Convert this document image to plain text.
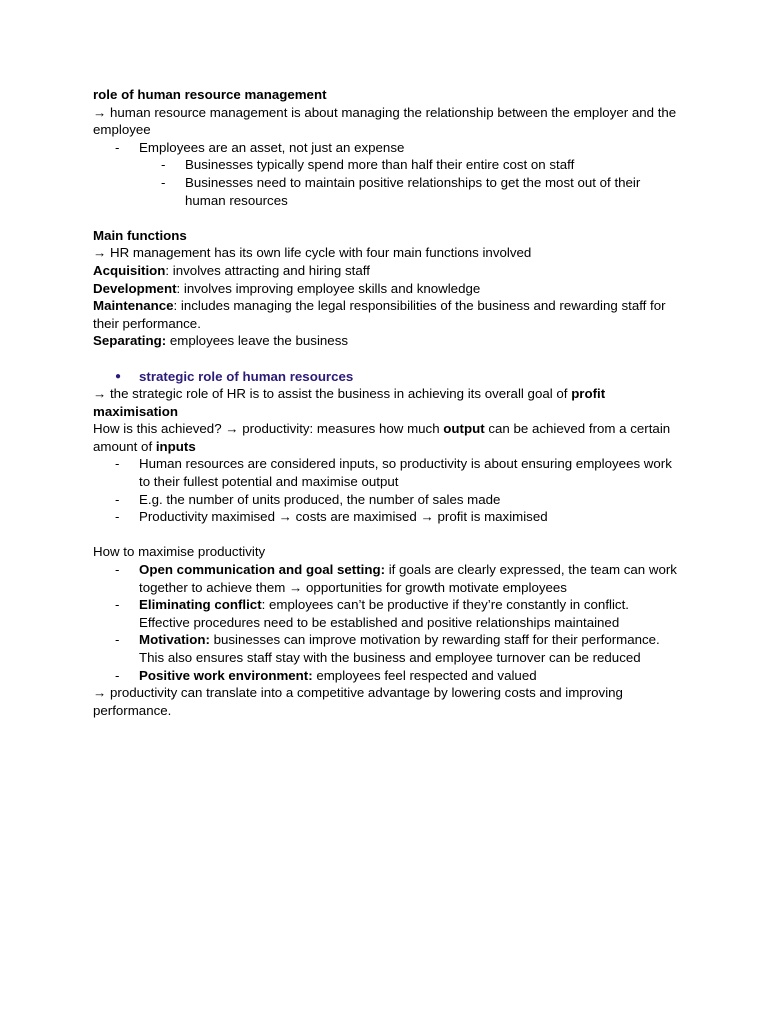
role of human resource management

→ human resource management is about managing the relationship between the employer and the employee

- Employees are an asset, not just an expense

- Businesses typically spend more than half their entire cost on staff

- Businesses need to maintain positive relationships to get the most out of their human resources

Main functions

→ HR management has its own life cycle with four main functions involved

Acquisition: involves attracting and hiring staff

Development: involves improving employee skills and knowledge

Maintenance: includes managing the legal responsibilities of the business and rewarding staff for their performance.

Separating: employees leave the business

● strategic role of human resources

→ the strategic role of HR is to assist the business in achieving its overall goal of profit maximisation

How is this achieved? → productivity: measures how much output can be achieved from a certain amount of inputs

- Human resources are considered inputs, so productivity is about ensuring employees work to their fullest potential and maximise output

- E.g. the number of units produced, the number of sales made

- Productivity maximised → costs are maximised → profit is maximised

How to maximise productivity

- Open communication and goal setting: if goals are clearly expressed, the team can work together to achieve them → opportunities for growth motivate employees

- Eliminating conflict: employees can’t be productive if they’re constantly in conflict. Effective procedures need to be established and positive relationships maintained

- Motivation: businesses can improve motivation by rewarding staff for their performance. This also ensures staff stay with the business and employee turnover can be reduced

- Positive work environment: employees feel respected and valued

→ productivity can translate into a competitive advantage by lowering costs and improving performance.
